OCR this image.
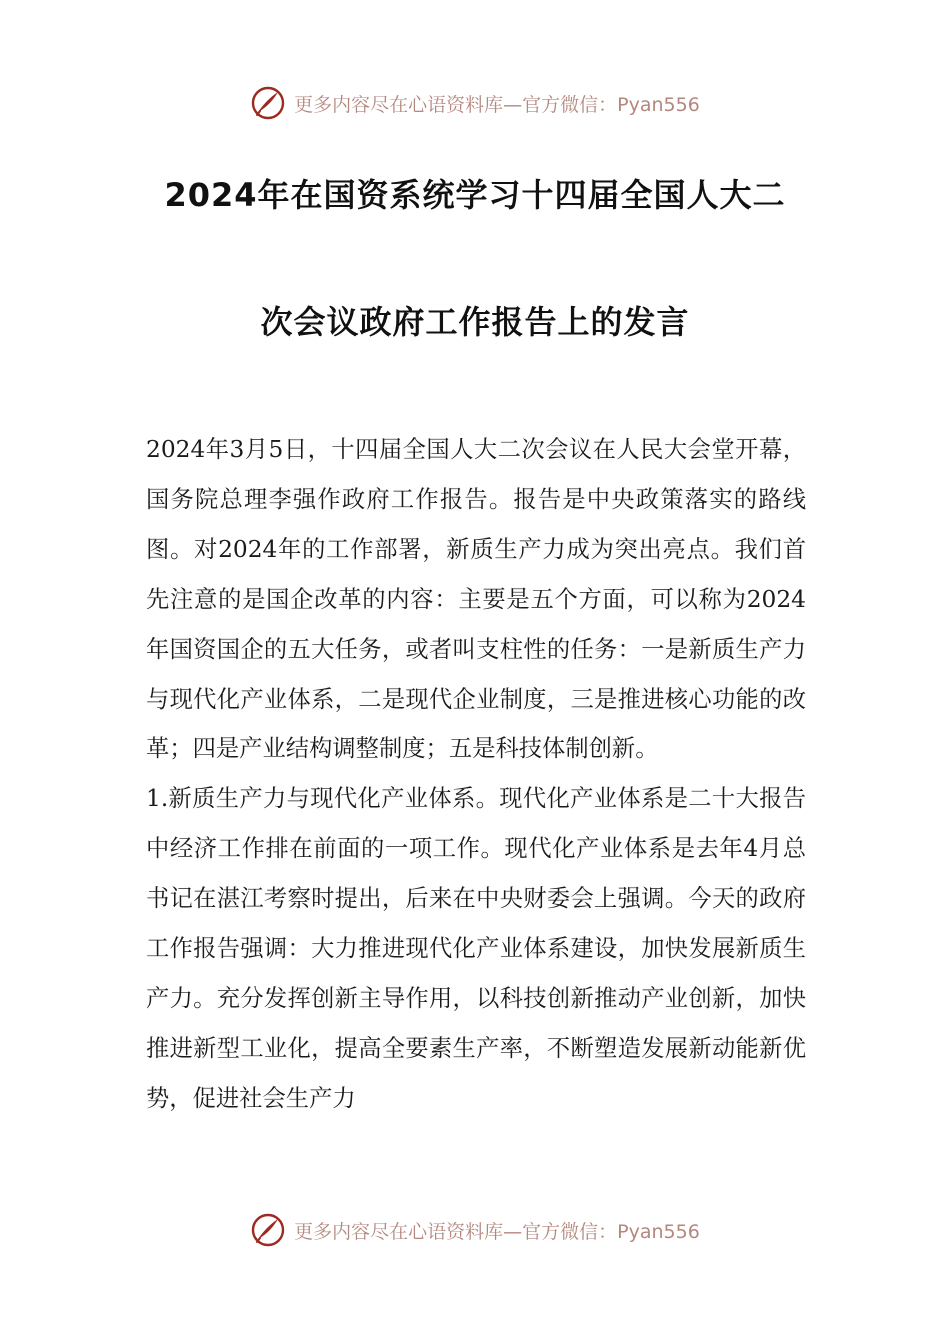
更多内容尽在心语资料库—官方微信：Pyan556
2024年在国资系统学习十四届全国人大二
次会议政府工作报告上的发言

2024年3月5日，十四届全国人大二次会议在人民大会堂开幕，国务院总理李强作政府工作报告。报告是中央政策落实的路线图。对2024年的工作部署，新质生产力成为突出亮点。我们首先注意的是国企改革的内容：主要是五个方面，可以称为2024年国资国企的五大任务，或者叫支柱性的任务：一是新质生产力与现代化产业体系，二是现代企业制度，三是推进核心功能的改革；四是产业结构调整制度；五是科技体制创新。

1.新质生产力与现代化产业体系。现代化产业体系是二十大报告中经济工作排在前面的一项工作。现代化产业体系是去年4月总书记在湛江考察时提出，后来在中央财委会上强调。今天的政府工作报告强调：大力推进现代化产业体系建设，加快发展新质生产力。充分发挥创新主导作用，以科技创新推动产业创新，加快推进新型工业化，提高全要素生产率，不断塑造发展新动能新优势，促进社会生产力

更多内容尽在心语资料库—官方微信：Pyan556
